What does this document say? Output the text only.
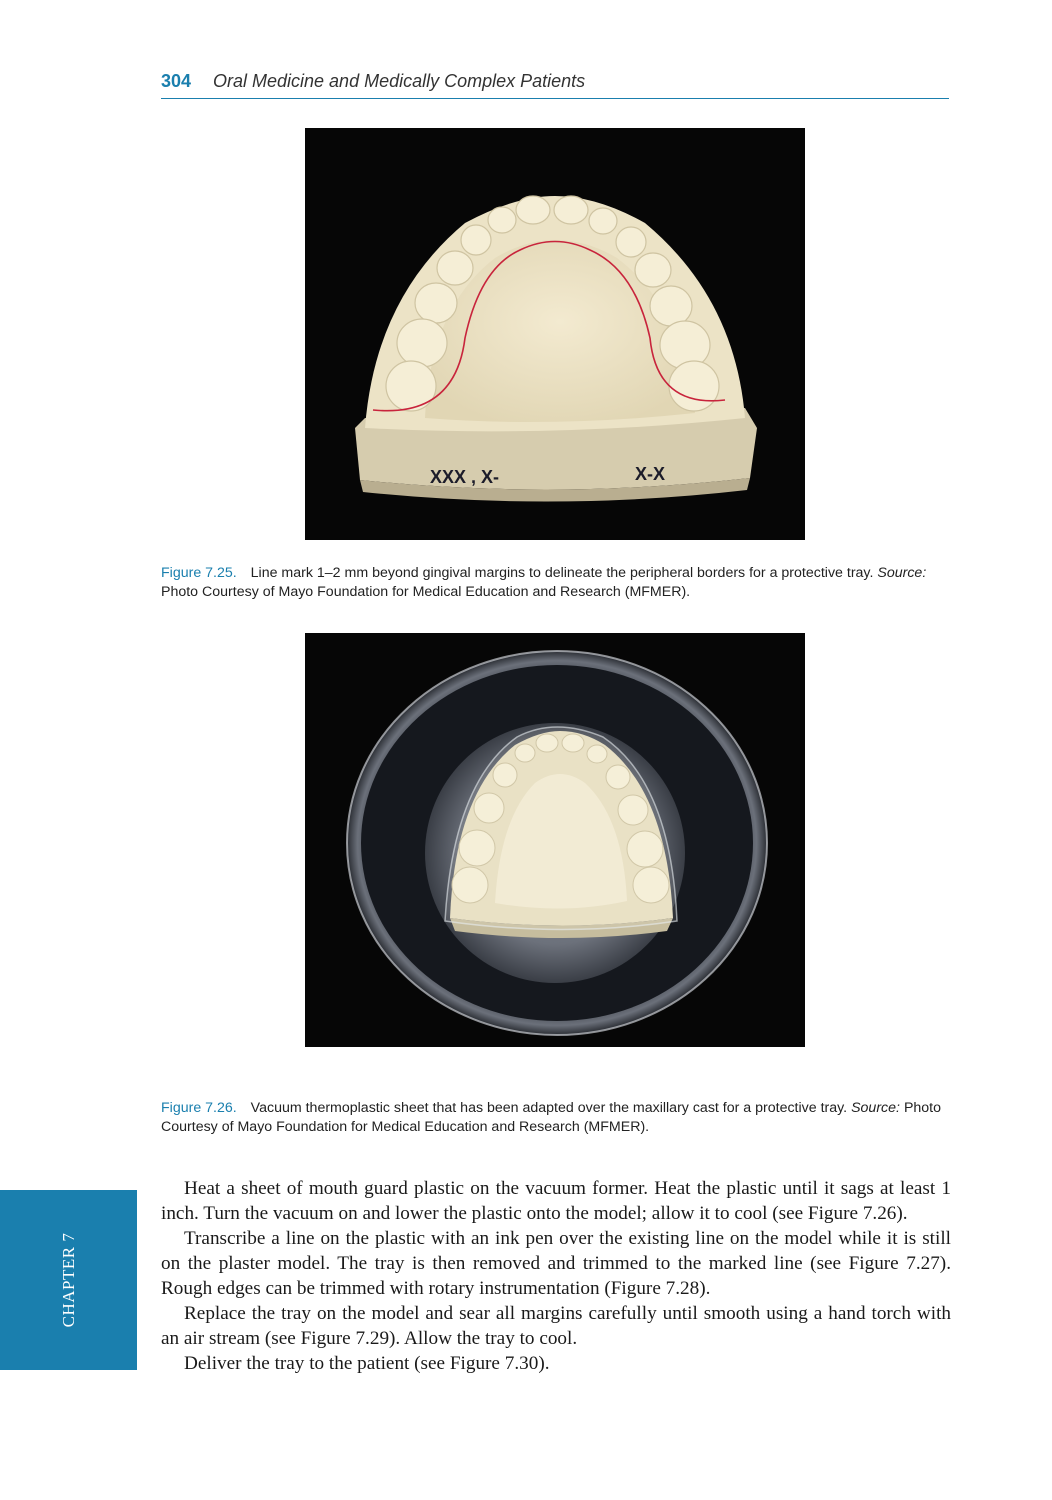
304 Oral Medicine and Medically Complex Patients
XXX , X-	X-X
Figure 7.25. Line mark 1–2 mm beyond gingival margins to delineate the peripheral borders for a protective tray. Source: Photo Courtesy of Mayo Foundation for Medical Education and Research (MFMER).
Figure 7.26. Vacuum thermoplastic sheet that has been adapted over the maxillary cast for a protective tray. Source: Photo Courtesy of Mayo Foundation for Medical Education and Research (MFMER).
CHAPTER 7

Heat a sheet of mouth guard plastic on the vacuum former. Heat the plastic until it sags at least 1 inch. Turn the vacuum on and lower the plastic onto the model; allow it to cool (see Figure 7.26).

Transcribe a line on the plastic with an ink pen over the existing line on the model while it is still on the plaster model. The tray is then removed and trimmed to the marked line (see Figure 7.27). Rough edges can be trimmed with rotary instrumentation (Figure 7.28).

Replace the tray on the model and sear all margins carefully until smooth using a hand torch with an air stream (see Figure 7.29). Allow the tray to cool.

Deliver the tray to the patient (see Figure 7.30).
